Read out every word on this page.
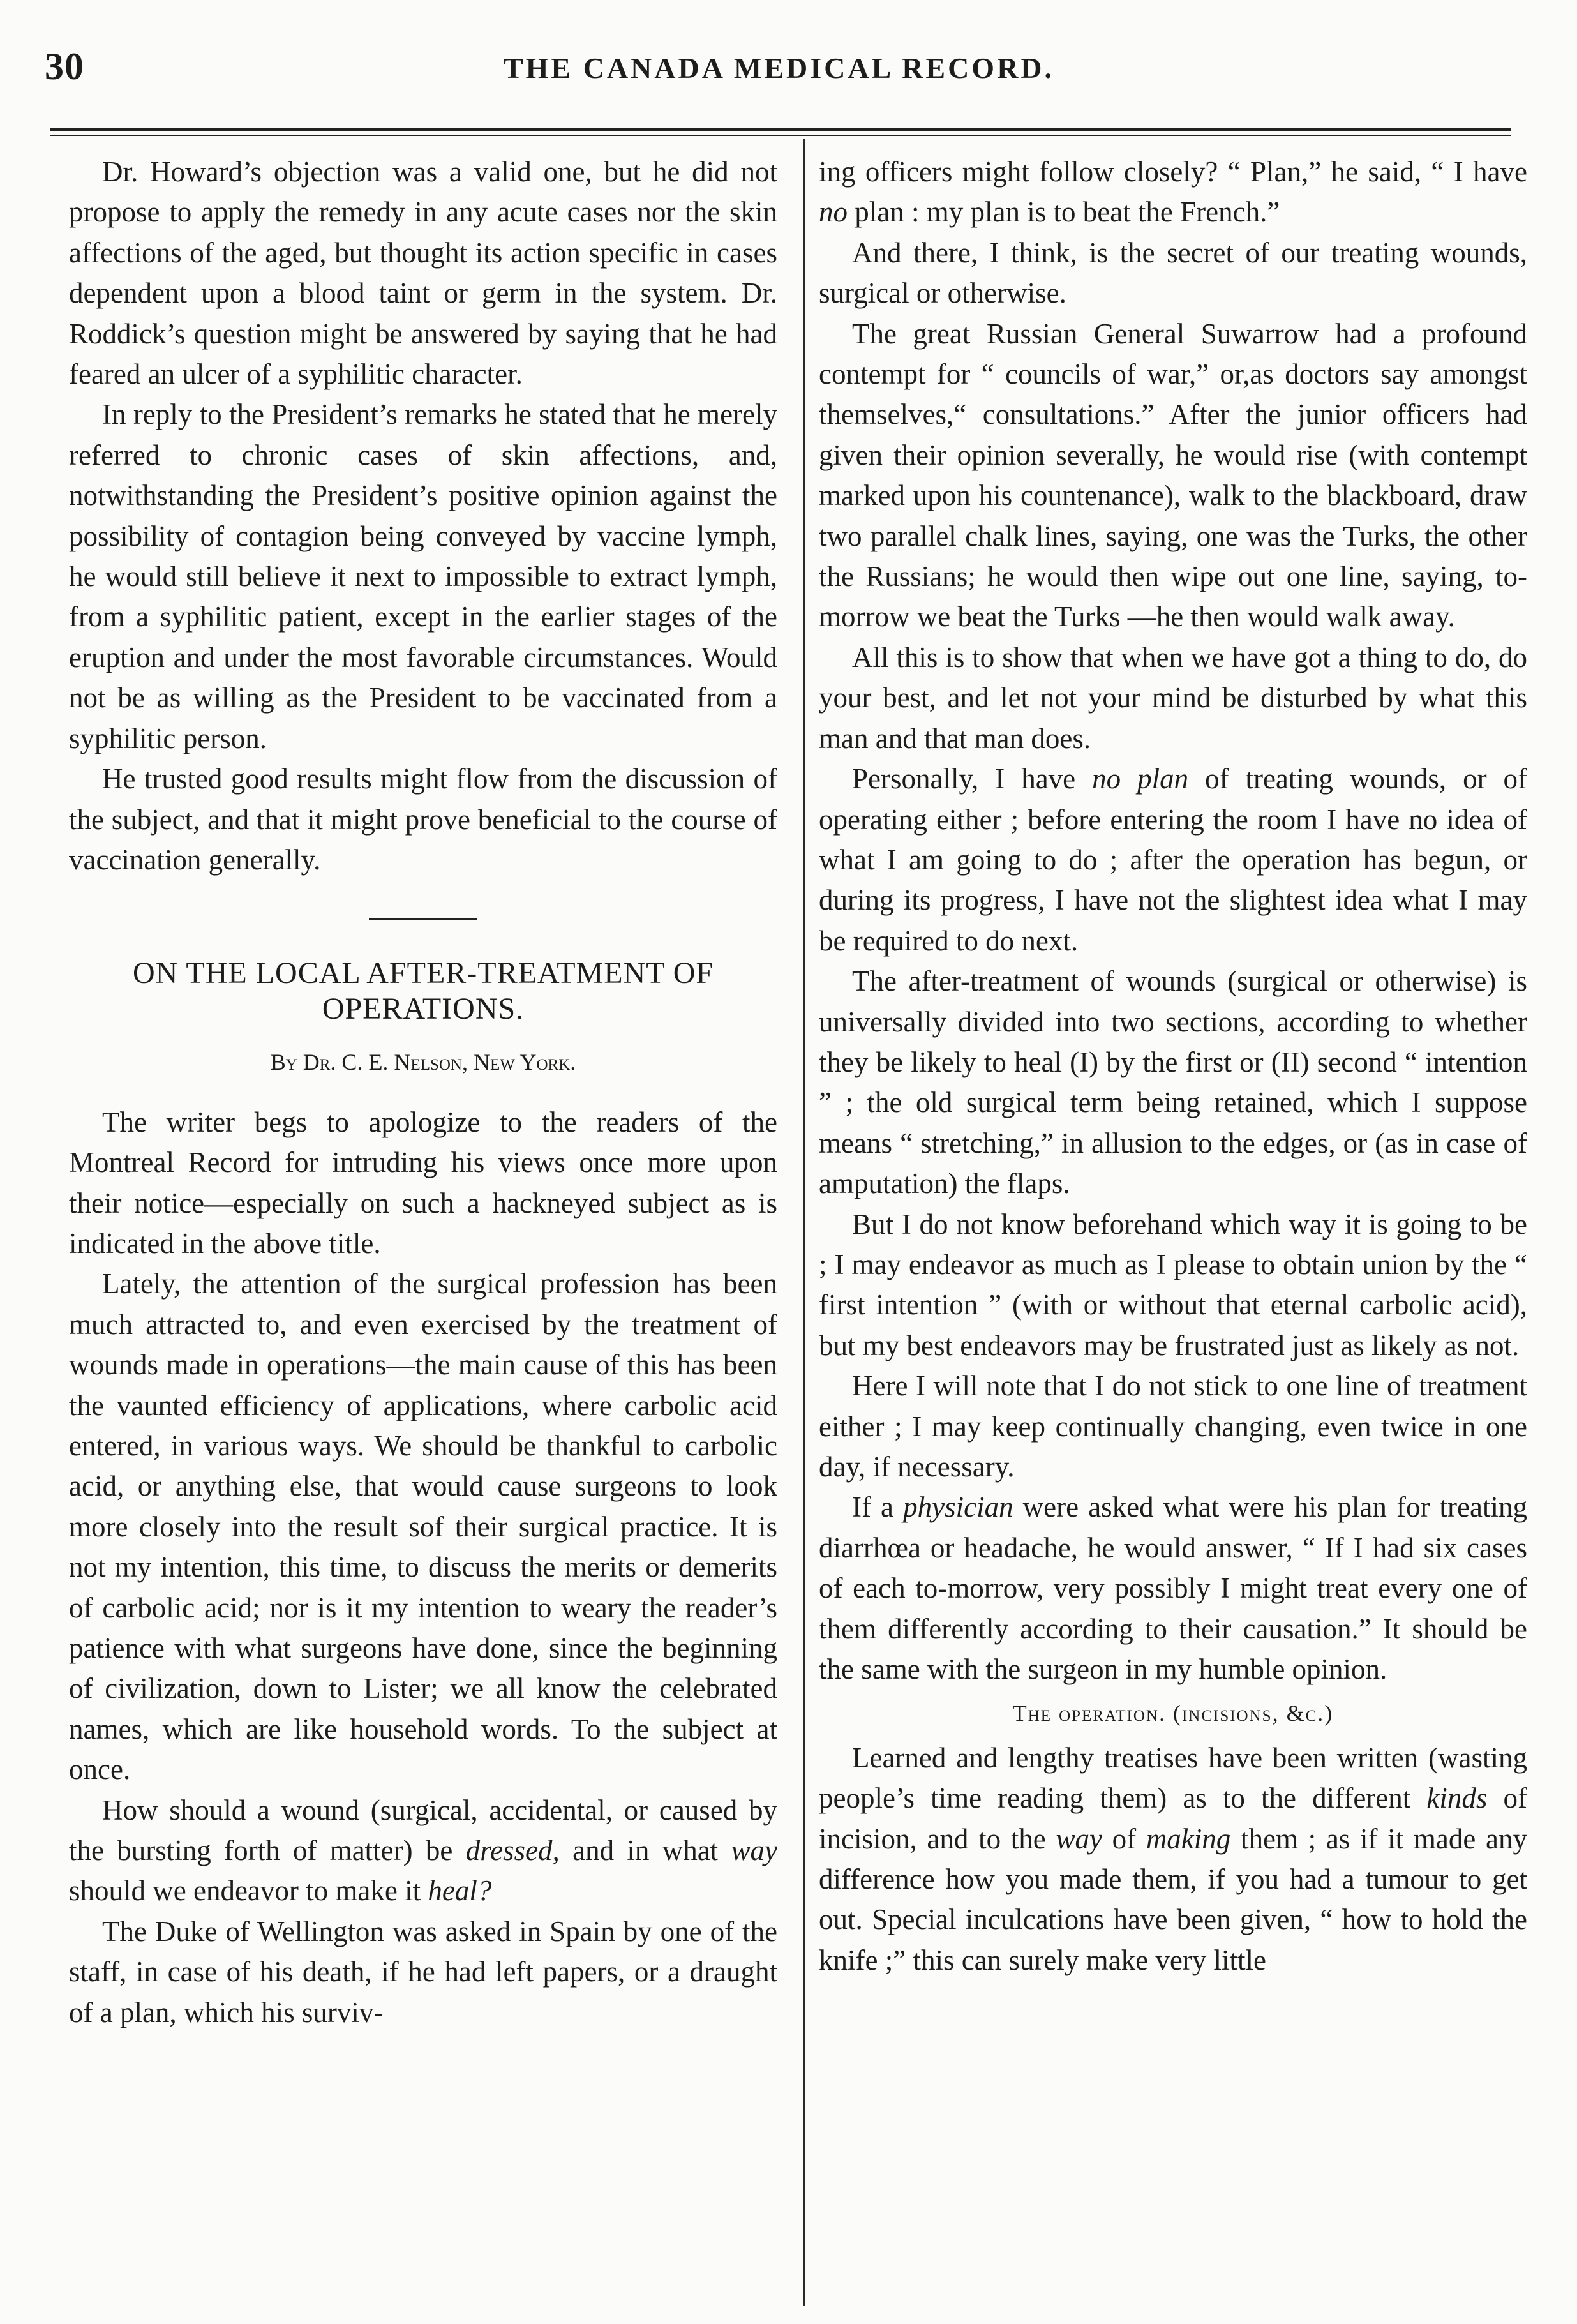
30	THE CANADA MEDICAL RECORD.

Dr. Howard’s objection was a valid one, but he did not propose to apply the remedy in any acute cases nor the skin affections of the aged, but thought its action specific in cases dependent upon a blood taint or germ in the system. Dr. Roddick’s question might be answered by saying that he had feared an ulcer of a syphilitic character.

In reply to the President’s remarks he stated that he merely referred to chronic cases of skin affections, and, notwithstanding the President’s positive opinion against the possibility of contagion being conveyed by vaccine lymph, he would still believe it next to impossible to extract lymph, from a syphilitic patient, except in the earlier stages of the eruption and under the most favorable circumstances. Would not be as willing as the President to be vaccinated from a syphilitic person.

He trusted good results might flow from the discussion of the subject, and that it might prove beneficial to the course of vaccination generally.

ON THE LOCAL AFTER-TREATMENT OF OPERATIONS.
By Dr. C. E. Nelson, New York.

The writer begs to apologize to the readers of the Montreal Record for intruding his views once more upon their notice—especially on such a hackneyed subject as is indicated in the above title.

Lately, the attention of the surgical profession has been much attracted to, and even exercised by the treatment of wounds made in operations—the main cause of this has been the vaunted efficiency of applications, where carbolic acid entered, in various ways. We should be thankful to carbolic acid, or anything else, that would cause surgeons to look more closely into the result sof their surgical practice. It is not my intention, this time, to discuss the merits or demerits of carbolic acid; nor is it my intention to weary the reader’s patience with what surgeons have done, since the beginning of civilization, down to Lister; we all know the celebrated names, which are like household words. To the subject at once.

How should a wound (surgical, accidental, or caused by the bursting forth of matter) be dressed, and in what way should we endeavor to make it heal?

The Duke of Wellington was asked in Spain by one of the staff, in case of his death, if he had left papers, or a draught of a plan, which his surviv-

ing officers might follow closely? “ Plan,” he said, “ I have no plan : my plan is to beat the French.”

And there, I think, is the secret of our treating wounds, surgical or otherwise.

The great Russian General Suwarrow had a profound contempt for “ councils of war,” or,as doctors say amongst themselves,“ consultations.” After the junior officers had given their opinion severally, he would rise (with contempt marked upon his countenance), walk to the blackboard, draw two parallel chalk lines, saying, one was the Turks, the other the Russians; he would then wipe out one line, saying, to-morrow we beat the Turks —he then would walk away.

All this is to show that when we have got a thing to do, do your best, and let not your mind be disturbed by what this man and that man does.

Personally, I have no plan of treating wounds, or of operating either ; before entering the room I have no idea of what I am going to do ; after the operation has begun, or during its progress, I have not the slightest idea what I may be required to do next.

The after-treatment of wounds (surgical or otherwise) is universally divided into two sections, according to whether they be likely to heal (I) by the first or (II) second “ intention ” ; the old surgical term being retained, which I suppose means “ stretching,” in allusion to the edges, or (as in case of amputation) the flaps.

But I do not know beforehand which way it is going to be ; I may endeavor as much as I please to obtain union by the “ first intention ” (with or without that eternal carbolic acid), but my best endeavors may be frustrated just as likely as not.

Here I will note that I do not stick to one line of treatment either ; I may keep continually changing, even twice in one day, if necessary.

If a physician were asked what were his plan for treating diarrhœa or headache, he would answer, “ If I had six cases of each to-morrow, very possibly I might treat every one of them differently according to their causation.” It should be the same with the surgeon in my humble opinion.

The operation. (incisions, &c.)

Learned and lengthy treatises have been written (wasting people’s time reading them) as to the different kinds of incision, and to the way of making them ; as if it made any difference how you made them, if you had a tumour to get out. Special inculcations have been given, “ how to hold the knife ;” this can surely make very little
